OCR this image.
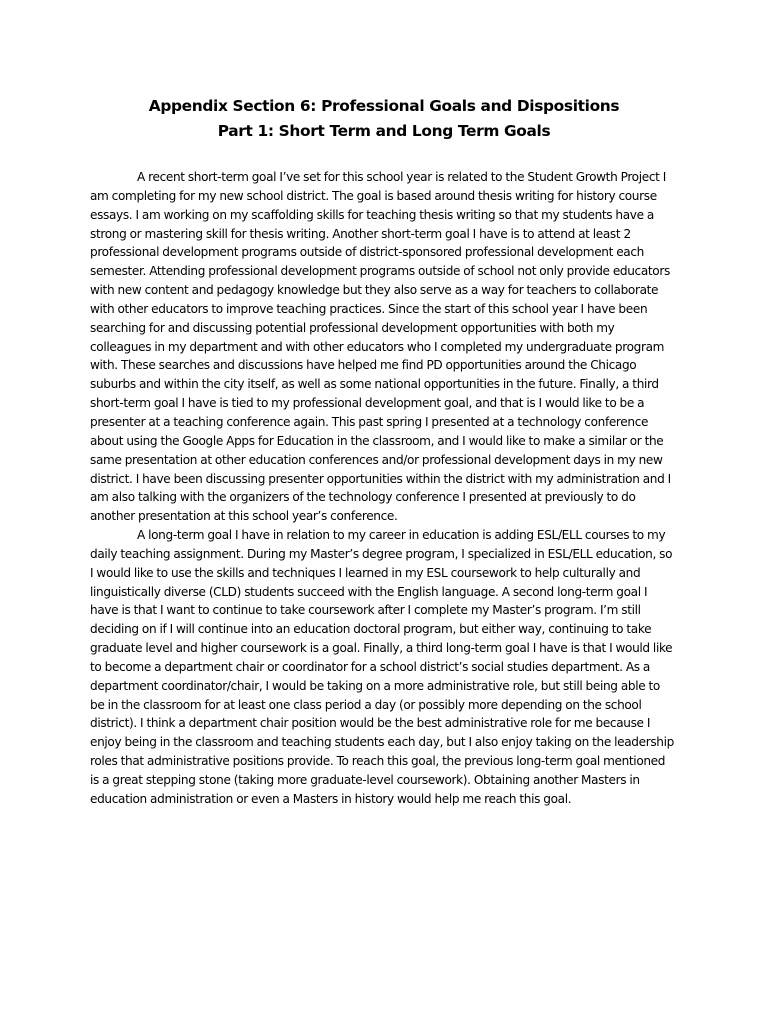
Appendix Section 6: Professional Goals and Dispositions

Part 1: Short Term and Long Term Goals

A recent short-term goal I’ve set for this school year is related to the Student Growth Project I am completing for my new school district. The goal is based around thesis writing for history course essays. I am working on my scaffolding skills for teaching thesis writing so that my students have a strong or mastering skill for thesis writing. Another short-term goal I have is to attend at least 2 professional development programs outside of district-sponsored professional development each semester. Attending professional development programs outside of school not only provide educators with new content and pedagogy knowledge but they also serve as a way for teachers to collaborate with other educators to improve teaching practices. Since the start of this school year I have been searching for and discussing potential professional development opportunities with both my colleagues in my department and with other educators who I completed my undergraduate program with. These searches and discussions have helped me find PD opportunities around the Chicago suburbs and within the city itself, as well as some national opportunities in the future. Finally, a third short-term goal I have is tied to my professional development goal, and that is I would like to be a presenter at a teaching conference again. This past spring I presented at a technology conference about using the Google Apps for Education in the classroom, and I would like to make a similar or the same presentation at other education conferences and/or professional development days in my new district. I have been discussing presenter opportunities within the district with my administration and I am also talking with the organizers of the technology conference I presented at previously to do another presentation at this school year’s conference.

A long-term goal I have in relation to my career in education is adding ESL/ELL courses to my daily teaching assignment. During my Master’s degree program, I specialized in ESL/ELL education, so I would like to use the skills and techniques I learned in my ESL coursework to help culturally and linguistically diverse (CLD) students succeed with the English language. A second long-term goal I have is that I want to continue to take coursework after I complete my Master’s program. I’m still deciding on if I will continue into an education doctoral program, but either way, continuing to take graduate level and higher coursework is a goal. Finally, a third long-term goal I have is that I would like to become a department chair or coordinator for a school district’s social studies department. As a department coordinator/chair, I would be taking on a more administrative role, but still being able to be in the classroom for at least one class period a day (or possibly more depending on the school district). I think a department chair position would be the best administrative role for me because I enjoy being in the classroom and teaching students each day, but I also enjoy taking on the leadership roles that administrative positions provide. To reach this goal, the previous long-term goal mentioned is a great stepping stone (taking more graduate-level coursework). Obtaining another Masters in education administration or even a Masters in history would help me reach this goal.
